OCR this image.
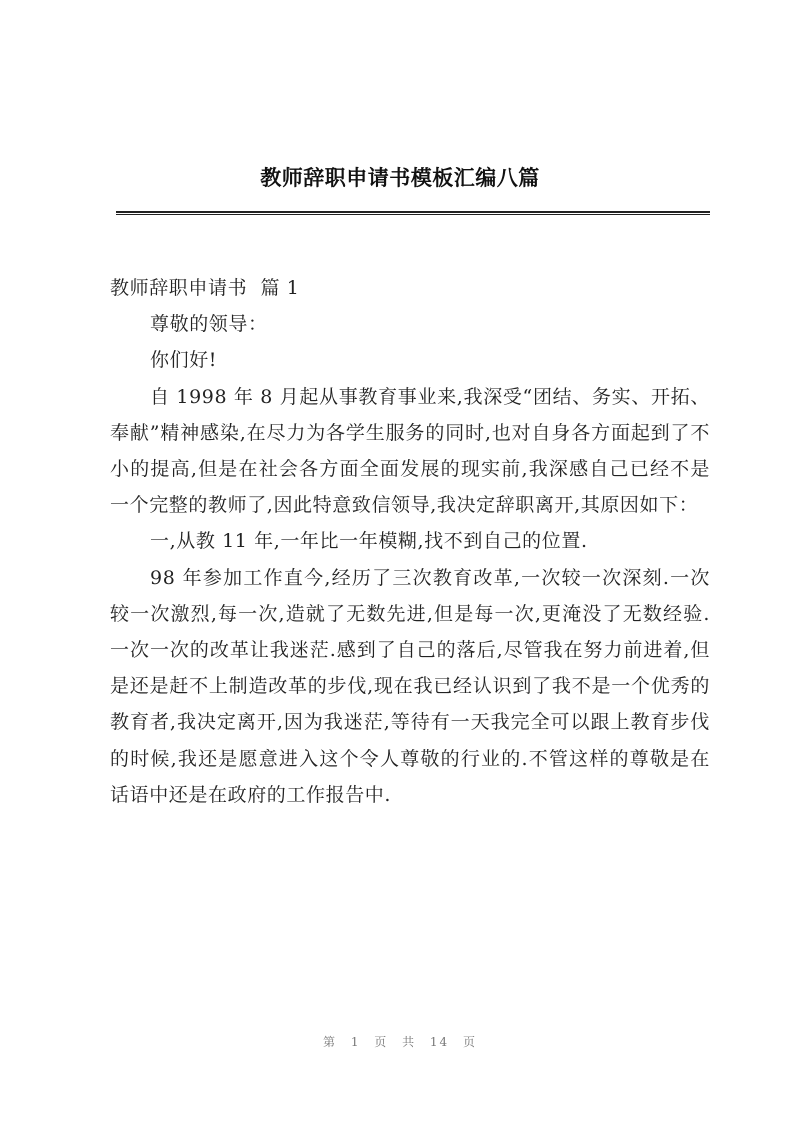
教师辞职申请书模板汇编八篇

教师辞职申请书  篇 1

尊敬的领导：

你们好!

自 1998 年 8 月起从事教育事业来,我深受“团结、务实、开拓、奉献”精神感染,在尽力为各学生服务的同时,也对自身各方面起到了不小的提高,但是在社会各方面全面发展的现实前,我深感自己已经不是一个完整的教师了,因此特意致信领导,我决定辞职离开,其原因如下：

一,从教 11 年,一年比一年模糊,找不到自己的位置.

98 年参加工作直今,经历了三次教育改革,一次较一次深刻.一次较一次激烈,每一次,造就了无数先进,但是每一次,更淹没了无数经验.一次一次的改革让我迷茫.感到了自己的落后,尽管我在努力前进着,但是还是赶不上制造改革的步伐,现在我已经认识到了我不是一个优秀的教育者,我决定离开,因为我迷茫,等待有一天我完全可以跟上教育步伐的时候,我还是愿意进入这个令人尊敬的行业的.不管这样的尊敬是在话语中还是在政府的工作报告中.

第 1 页 共 14 页
